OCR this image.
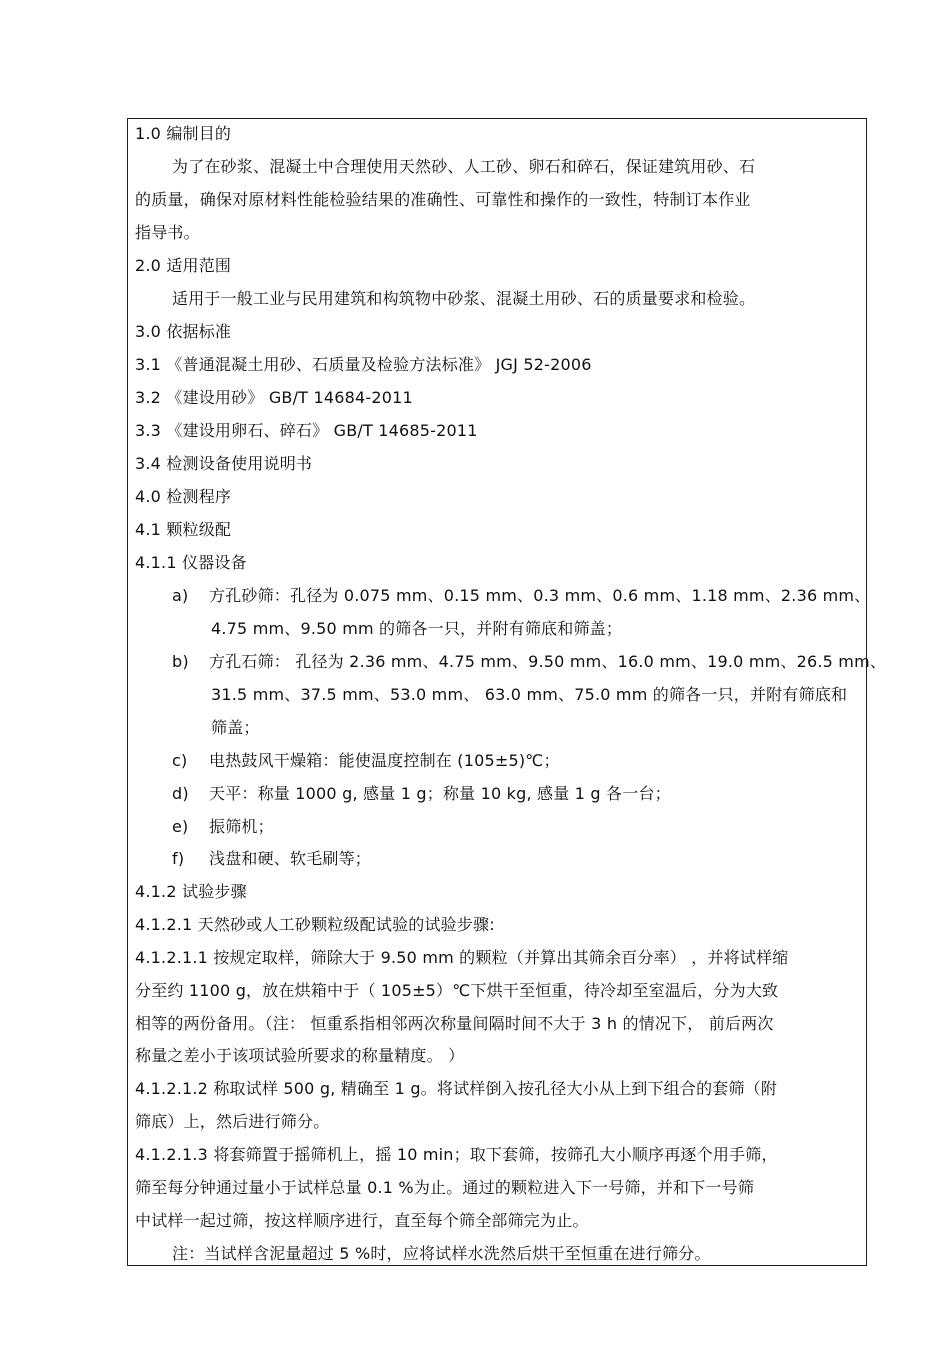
1.0 编制目的
为了在砂浆、混凝土中合理使用天然砂、人工砂、卵石和碎石，保证建筑用砂、石
的质量，确保对原材料性能检验结果的准确性、可靠性和操作的一致性，特制订本作业
指导书。
2.0 适用范围
适用于一般工业与民用建筑和构筑物中砂浆、混凝土用砂、石的质量要求和检验。
3.0 依据标准
3.1 《普通混凝土用砂、石质量及检验方法标准》 JGJ 52-2006
3.2 《建设用砂》 GB/T 14684-2011
3.3 《建设用卵石、碎石》 GB/T 14685-2011
3.4 检测设备使用说明书
4.0 检测程序
4.1 颗粒级配
4.1.1 仪器设备
a) 方孔砂筛：孔径为 0.075 mm、0.15 mm、0.3 mm、0.6 mm、1.18 mm、2.36 mm、
4.75 mm、9.50 mm 的筛各一只，并附有筛底和筛盖；
b) 方孔石筛： 孔径为 2.36 mm、4.75 mm、9.50 mm、16.0 mm、19.0 mm、26.5 mm、
31.5 mm、37.5 mm、53.0 mm、 63.0 mm、75.0 mm 的筛各一只，并附有筛底和
筛盖；
c) 电热鼓风干燥箱：能使温度控制在 (105±5)℃；
d) 天平：称量 1000 g, 感量 1 g；称量 10 kg, 感量 1 g 各一台；
e) 振筛机；
f) 浅盘和硬、软毛刷等；
4.1.2 试验步骤
4.1.2.1 天然砂或人工砂颗粒级配试验的试验步骤:
4.1.2.1.1 按规定取样，筛除大于 9.50 mm 的颗粒（并算出其筛余百分率） ，并将试样缩
分至约 1100 g，放在烘箱中于（ 105±5）℃下烘干至恒重，待冷却至室温后，分为大致
相等的两份备用。（注： 恒重系指相邻两次称量间隔时间不大于 3 h 的情况下， 前后两次
称量之差小于该项试验所要求的称量精度。 ）
4.1.2.1.2 称取试样 500 g, 精确至 1 g。将试样倒入按孔径大小从上到下组合的套筛（附
筛底）上，然后进行筛分。
4.1.2.1.3 将套筛置于摇筛机上，摇 10 min；取下套筛，按筛孔大小顺序再逐个用手筛，
筛至每分钟通过量小于试样总量 0.1 %为止。通过的颗粒进入下一号筛，并和下一号筛
中试样一起过筛，按这样顺序进行，直至每个筛全部筛完为止。
注：当试样含泥量超过 5 %时，应将试样水洗然后烘干至恒重在进行筛分。
